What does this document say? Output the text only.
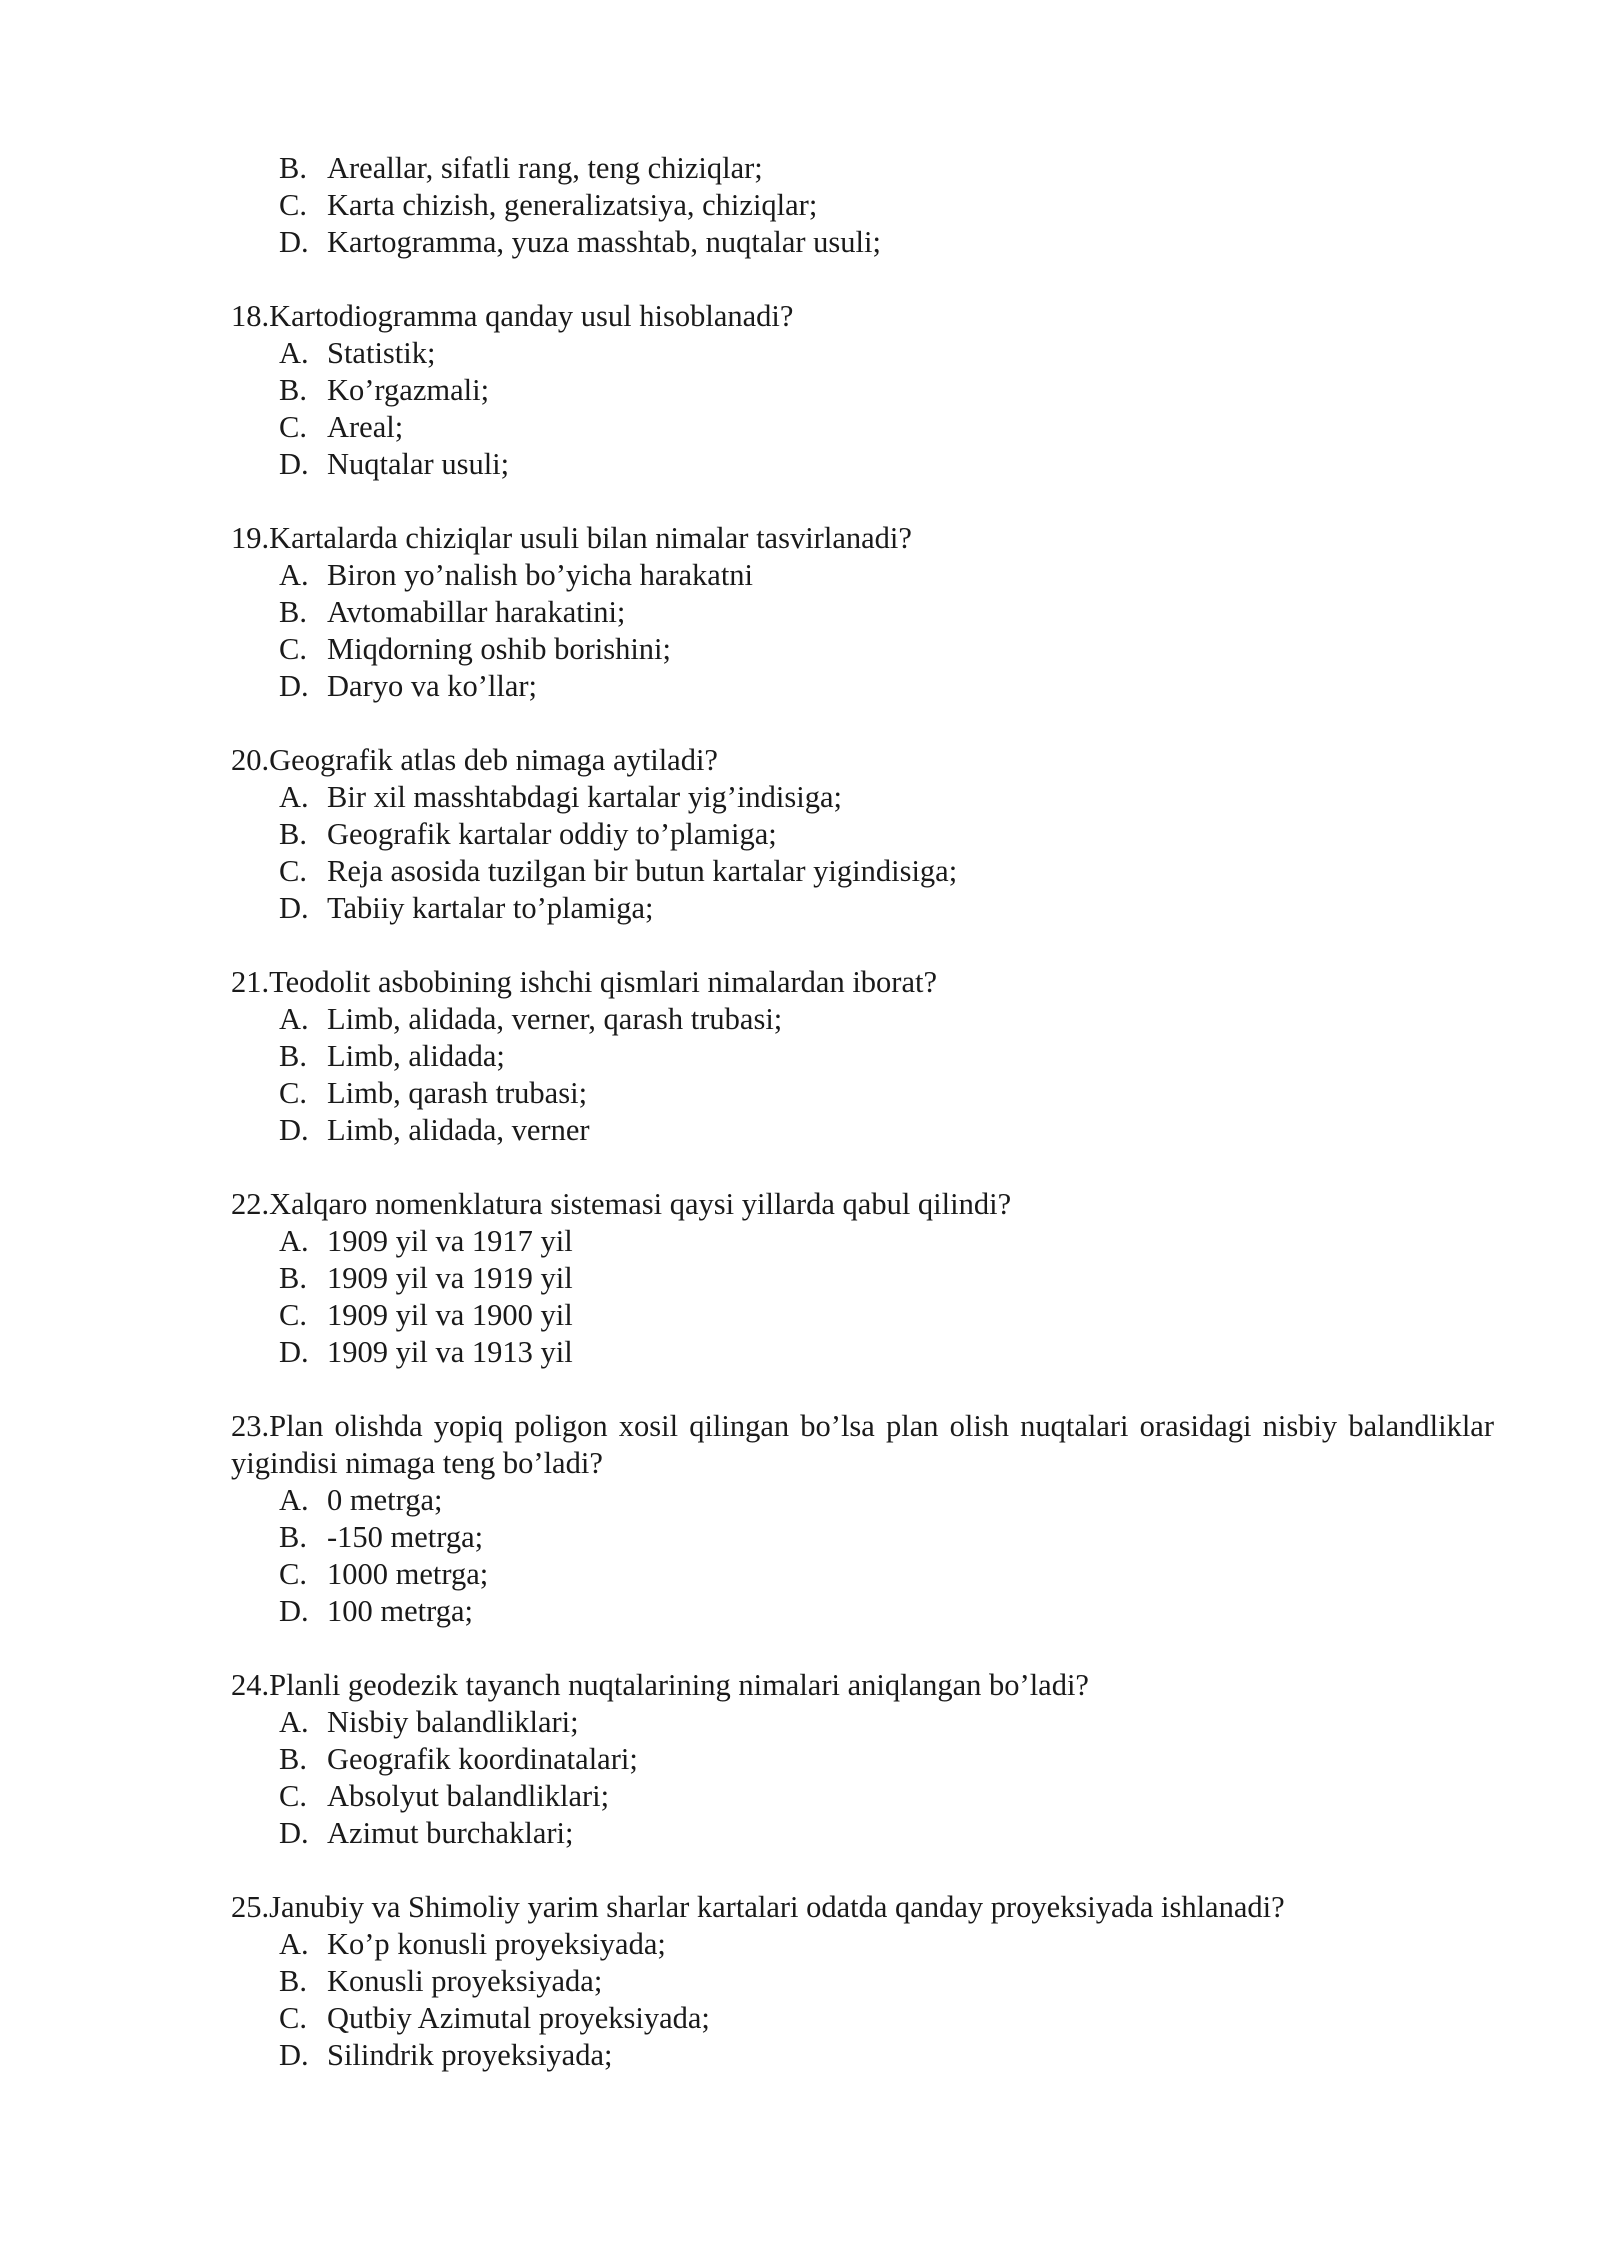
B. Areallar, sifatli rang, teng chiziqlar;
C. Karta chizish, generalizatsiya, chiziqlar;
D. Kartogramma, yuza masshtab, nuqtalar usuli;
18.Kartodiogramma qanday usul hisoblanadi?
A. Statistik;
B. Ko’rgazmali;
C. Areal;
D. Nuqtalar usuli;
19.Kartalarda chiziqlar usuli bilan nimalar tasvirlanadi?
A. Biron yo’nalish bo’yicha harakatni
B. Avtomabillar harakatini;
C. Miqdorning oshib borishini;
D. Daryo va ko’llar;
20.Geografik atlas deb nimaga aytiladi?
A. Bir xil masshtabdagi kartalar yig’indisiga;
B. Geografik kartalar oddiy to’plamiga;
C. Reja asosida tuzilgan bir butun kartalar yigindisiga;
D. Tabiiy kartalar to’plamiga;
21.Teodolit asbobining ishchi qismlari nimalardan iborat?
A. Limb, alidada, verner, qarash trubasi;
B. Limb, alidada;
C. Limb, qarash trubasi;
D. Limb, alidada, verner
22.Xalqaro nomenklatura sistemasi qaysi yillarda qabul qilindi?
A. 1909 yil va 1917 yil
B. 1909 yil va 1919 yil
C. 1909 yil va 1900 yil
D. 1909 yil va 1913 yil
23.Plan olishda yopiq poligon xosil qilingan bo’lsa plan olish nuqtalari orasidagi nisbiy balandliklar yigindisi nimaga teng bo’ladi?
A. 0 metrga;
B. -150 metrga;
C. 1000 metrga;
D. 100 metrga;
24.Planli geodezik tayanch nuqtalarining nimalari aniqlangan bo’ladi?
A. Nisbiy balandliklari;
B. Geografik koordinatalari;
C. Absolyut balandliklari;
D. Azimut burchaklari;
25.Janubiy va Shimoliy yarim sharlar kartalari odatda qanday proyeksiyada ishlanadi?
A. Ko’p konusli proyeksiyada;
B. Konusli proyeksiyada;
C. Qutbiy Azimutal proyeksiyada;
D. Silindrik proyeksiyada;
